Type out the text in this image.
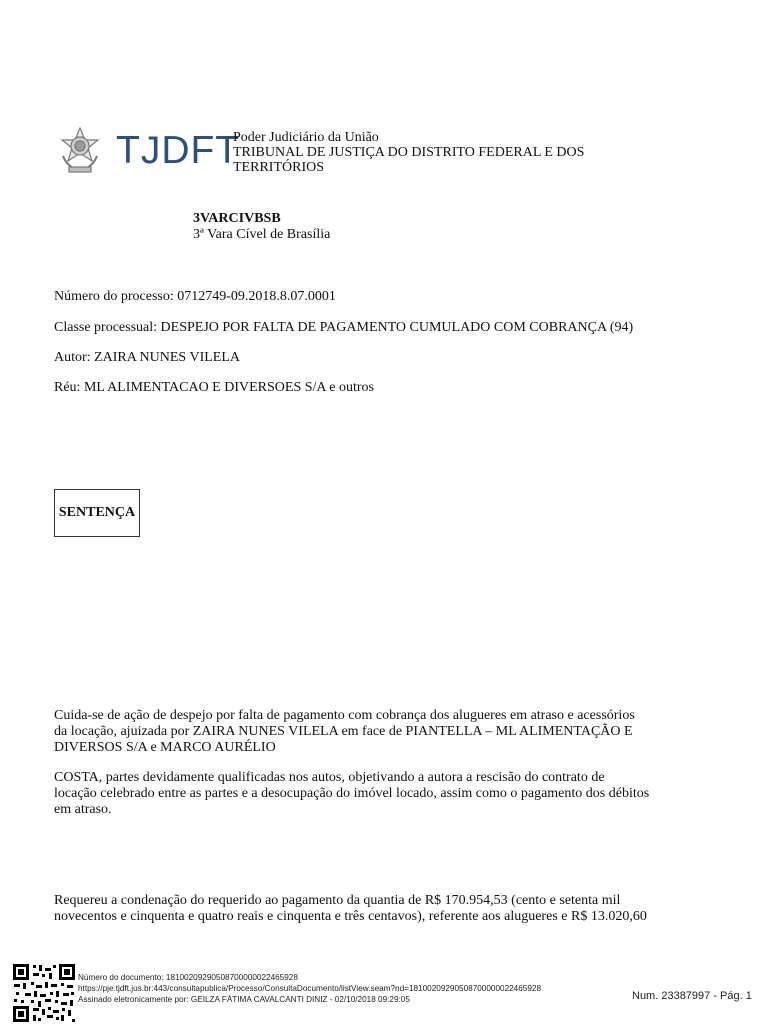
TJDFT
Poder Judiciário da União
TRIBUNAL DE JUSTIÇA DO DISTRITO FEDERAL E DOS
TERRITÓRIOS
3VARCIVBSB
3ª Vara Cível de Brasília
Número do processo: 0712749-09.2018.8.07.0001
Classe processual: DESPEJO POR FALTA DE PAGAMENTO CUMULADO COM COBRANÇA (94)
Autor: ZAIRA NUNES VILELA
Réu: ML ALIMENTACAO E DIVERSOES S/A e outros
SENTENÇA
Cuida-se de ação de despejo por falta de pagamento com cobrança dos alugueres em atraso e acessórios
da locação, ajuizada por ZAIRA NUNES VILELA em face de PIANTELLA – ML ALIMENTAÇÃO E
DIVERSOS S/A e MARCO AURÉLIO
COSTA, partes devidamente qualificadas nos autos, objetivando a autora a rescisão do contrato de
locação celebrado entre as partes e a desocupação do imóvel locado, assim como o pagamento dos débitos
em atraso.
Requereu a condenação do requerido ao pagamento da quantia de R$ 170.954,53 (cento e setenta mil
novecentos e cinquenta e quatro reais e cinquenta e três centavos), referente aos alugueres e R$ 13.020,60
Número do documento: 18100209290508700000022465928
https://pje.tjdft.jus.br:443/consultapublica/Processo/ConsultaDocumento/listView.seam?nd=18100209290508700000022465928
Assinado eletronicamente por: GEILZA FÁTIMA CAVALCANTI DINIZ - 02/10/2018 09:29:05	Num. 23387997 - Pág. 1
